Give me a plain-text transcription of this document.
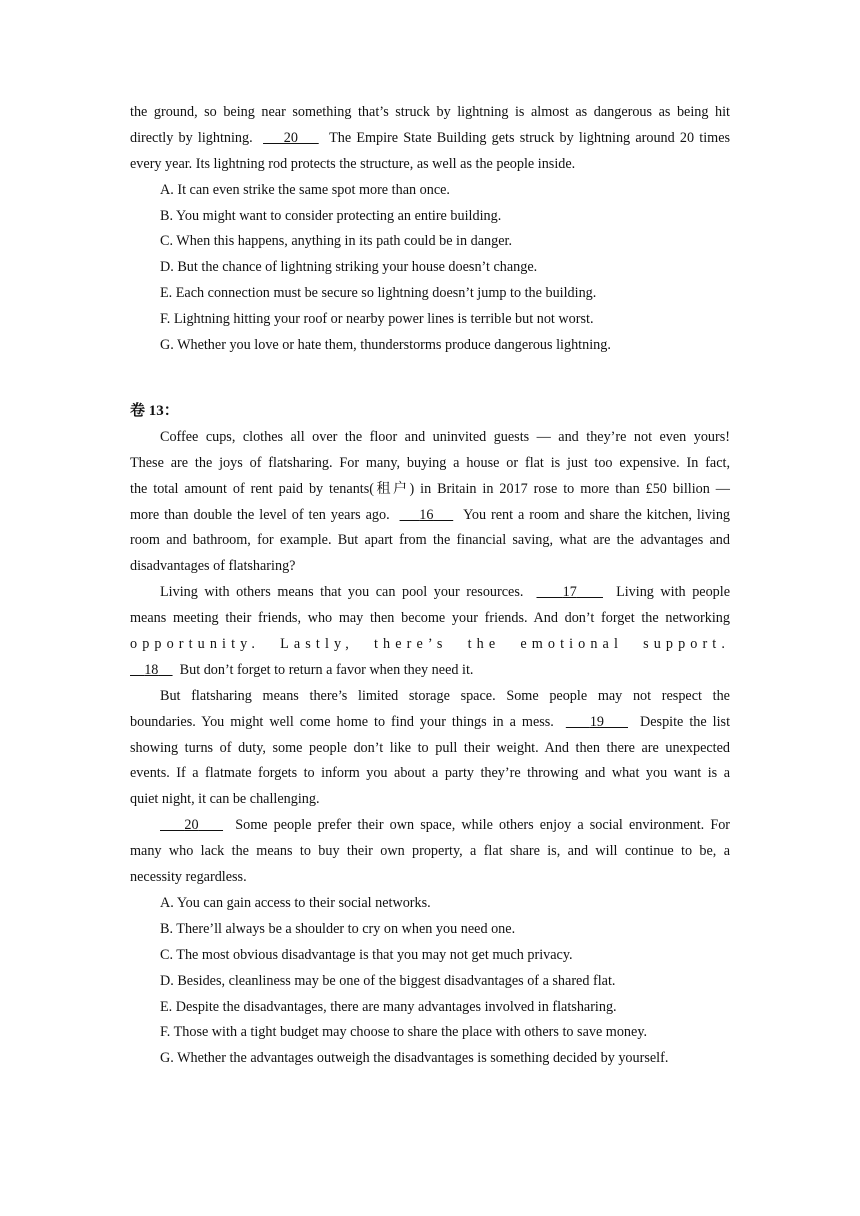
the ground, so being near something that’s struck by lightning is almost as dangerous as being hit
directly by lightning.      20      The Empire State Building gets struck by lightning around 20 times
every year. Its lightning rod protects the structure, as well as the people inside.
A. It can even strike the same spot more than once.
B. You might want to consider protecting an entire building.
C. When this happens, anything in its path could be in danger.
D. But the chance of lightning striking your house doesn’t change.
E. Each connection must be secure so lightning doesn’t jump to the building.
F. Lightning hitting your roof or nearby power lines is terrible but not worst.
G. Whether you love or hate them, thunderstorms produce dangerous lightning.
卷 13：
Coffee cups, clothes all over the floor and uninvited guests — and they’re not even yours!
These are the joys of flatsharing. For many, buying a house or flat is just too expensive. In fact,
the total amount of rent paid by tenants(租户) in Britain in 2017 rose to more than £50 billion —
more than double the level of ten years ago. 16 You rent a room and share the kitchen, living
room and bathroom, for example. But apart from the financial saving, what are the advantages and
disadvantages of flatsharing?
Living with others means that you can pool your resources.	17	Living with people
means meeting their friends, who may then become your friends. And don’t forget the networking
opportunity. Lastly, there’s the emotional support.
18 But don’t forget to return a favor when they need it.
But flatsharing means there’s limited storage space. Some people may not respect the
boundaries. You might well come home to find your things in a mess.	19	Despite the list
showing turns of duty, some people don’t like to pull their weight. And then there are unexpected
events. If a flatmate forgets to inform you about a party they’re throwing and what you want is a
quiet night, it can be challenging.
20	Some people prefer their own space, while others enjoy a social environment. For
many who lack the means to buy their own property, a flat share is, and will continue to be, a
necessity regardless.
A. You can gain access to their social networks.
B. There’ll always be a shoulder to cry on when you need one.
C. The most obvious disadvantage is that you may not get much privacy.
D. Besides, cleanliness may be one of the biggest disadvantages of a shared flat.
E. Despite the disadvantages, there are many advantages involved in flatsharing.
F. Those with a tight budget may choose to share the place with others to save money.
G. Whether the advantages outweigh the disadvantages is something decided by yourself.
